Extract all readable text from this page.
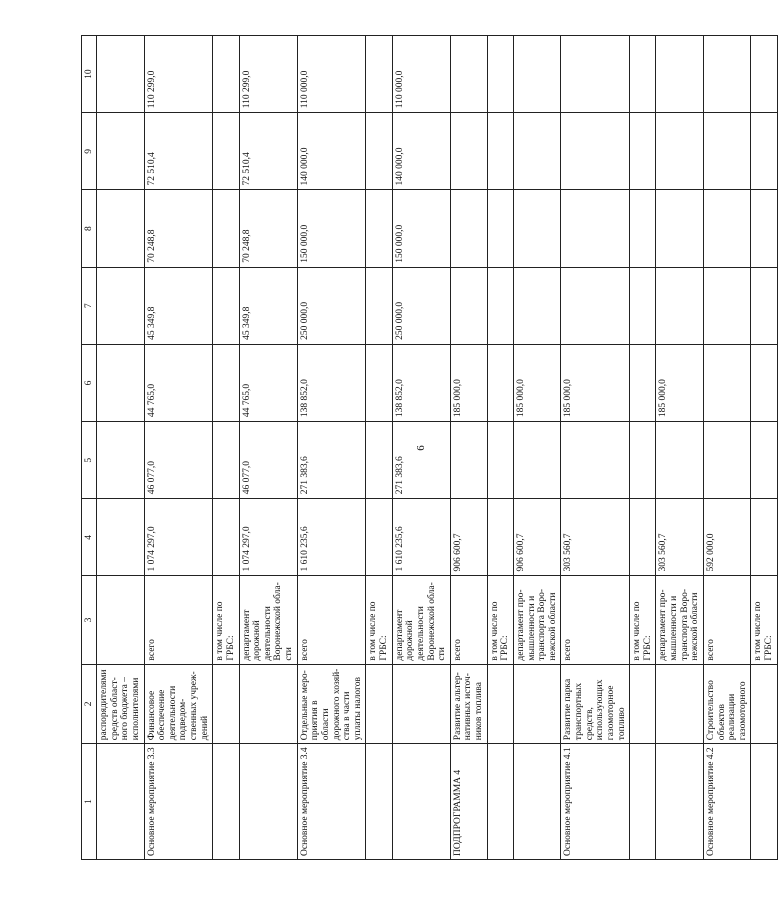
6
1	2	3	4	5	6	7	8	9	10
	распорядителями средств областного бюджета – исполнителями								
Основное мероприятие 3.3	Финансовое обеспечение деятельности подведомственных учреждений	всего	1 074 297,0	46 077,0	44 765,0	45 349,8	70 248,8	72 510,4	110 299,0
		в том числе по ГРБС:							
		департамент дорожной деятельности Воронежской области	1 074 297,0	46 077,0	44 765,0	45 349,8	70 248,8	72 510,4	110 299,0
Основное мероприятие 3.4	Отдельные мероприятия в области дорожного хозяйства в части уплаты налогов	всего	1 610 235,6	271 383,6	138 852,0	250 000,0	150 000,0	140 000,0	110 000,0
		в том числе по ГРБС:							
		департамент дорожной деятельности Воронежской области	1 610 235,6	271 383,6	138 852,0	250 000,0	150 000,0	140 000,0	110 000,0
ПОДПРОГРАММА 4	Развитие альтернативных источников топлива	всего	906 600,7		185 000,0				
		в том числе по ГРБС:							
		департамент промышленности и транспорта Воронежской области	906 600,7		185 000,0				
Основное мероприятие 4.1	Развитие парка транспортных средств, использующих газомоторное топливо	всего	303 560,7		185 000,0				
		в том числе по ГРБС:							
		департамент промышленности и транспорта Воронежской области	303 560,7		185 000,0				
Основное мероприятие 4.2	Строительство объектов реализации газомоторного	всего	592 000,0						
		в том числе по ГРБС:							
